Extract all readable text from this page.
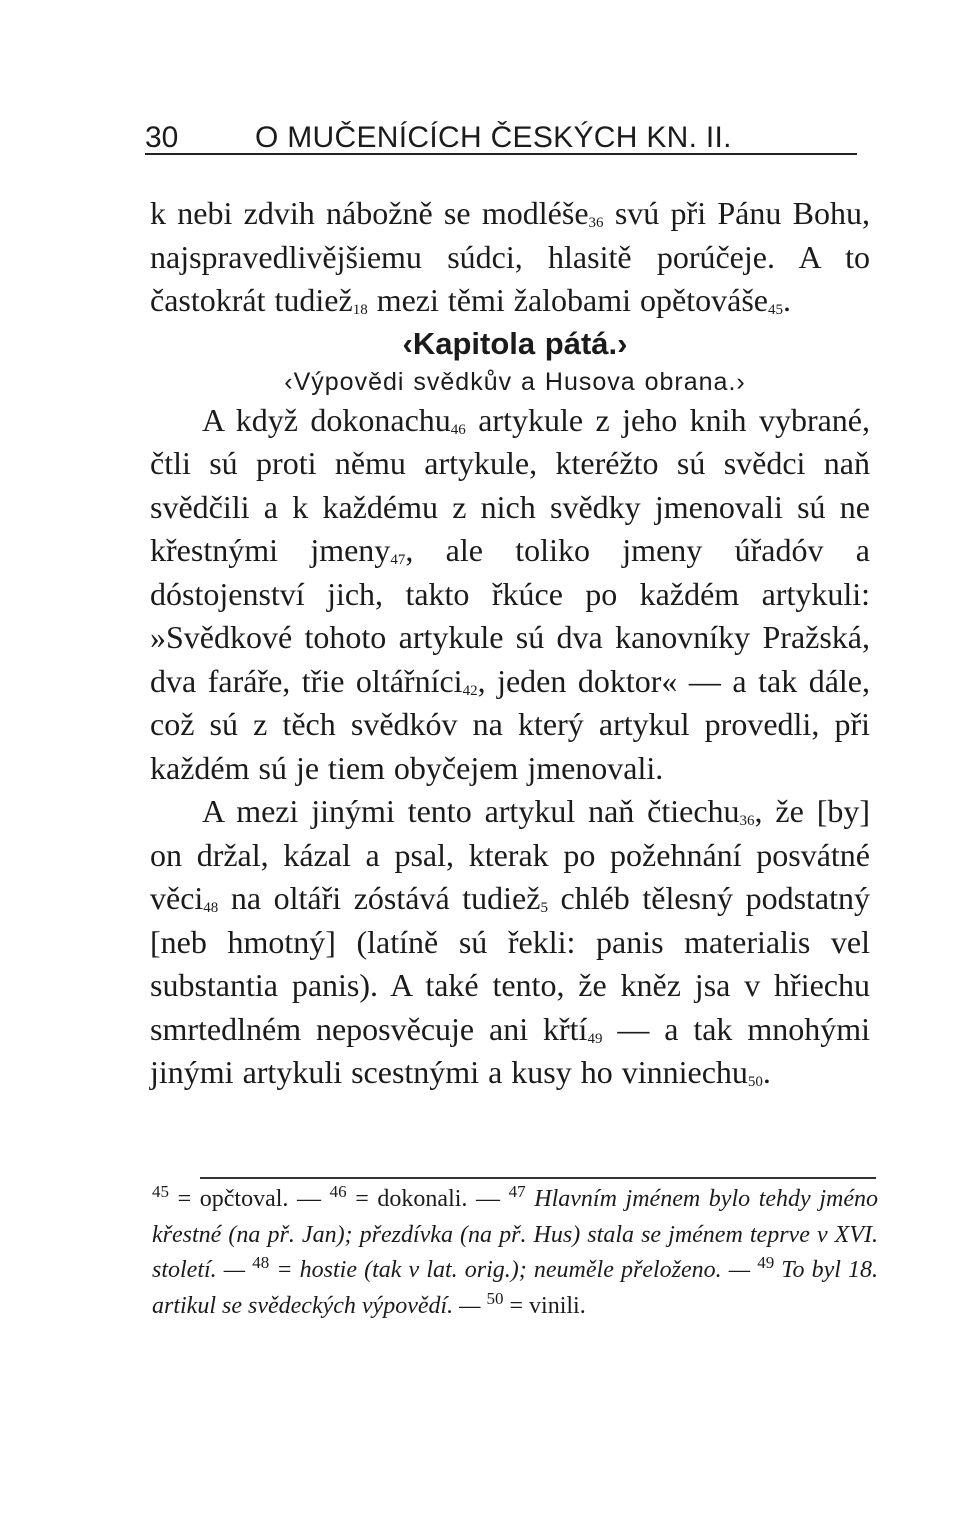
30	O MUČENÍCÍCH ČESKÝCH KN. II.

k nebi zdvih nábožně se modléše$_{36}$ svú při Pánu Bohu, najspravedlivějšiemu súdci, hlasitě porúčeje. A to častokrát tudiež$_{18}$ mezi těmi žalobami opětováše$_{45}$.

‹Kapitola pátá.›

‹Výpovědi svědkův a Husova obrana.›

A když dokonachu$_{46}$ artykule z jeho knih vybrané, čtli sú proti němu artykule, kteréžto sú svědci naň svědčili a k každému z nich svědky jmenovali sú ne křestnými jmeny$_{47}$, ale toliko jmeny úřadóv a dóstojenství jich, takto řkúce po každém artykuli: »Svědkové tohoto artykule sú dva kanovníky Pražská, dva faráře, třie oltářníci$_{42}$, jeden doktor« — a tak dále, což sú z těch svědkóv na který artykul provedli, při každém sú je tiem obyčejem jmenovali.

A mezi jinými tento artykul naň čtiechu$_{36}$, že [by] on držal, kázal a psal, kterak po požehnání posvátné věci$_{48}$ na oltáři zóstává tudiež$_5$ chléb tělesný podstatný [neb hmotný] (latíně sú řekli: panis materialis vel substantia panis). A také tento, že kněz jsa v hřiechu smrtedlném neposvěcuje ani křtí$_{49}$ — a tak mnohými jinými artykuli scestnými a kusy ho vinniechu$_{50}$.

$^{45}$ = opčtoval. — $^{46}$ = dokonali. — $^{47}$ Hlavním jménem bylo tehdy jméno křestné (na př. Jan); přezdívka (na př. Hus) stala se jménem teprve v XVI. století. — $^{48}$ = hostie (tak v lat. orig.); neuměle přeloženo. — $^{49}$ To byl 18. artikul se svědeckých výpovědí. — $^{50}$ = vinili.
